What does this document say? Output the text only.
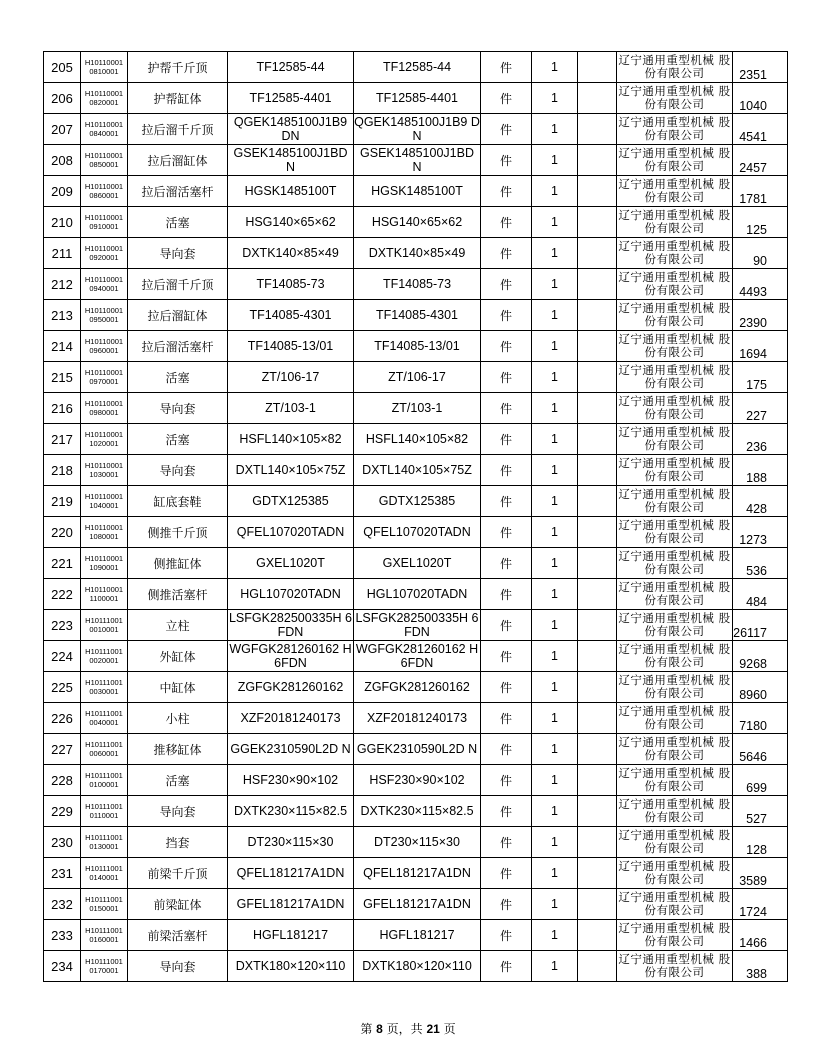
205	H10110001 0810001	护帮千斤顶	TF12585-44	TF12585-44	件	1		辽宁通用重型机械 股份有限公司	2351
206	H10110001 0820001	护帮缸体	TF12585-4401	TF12585-4401	件	1		辽宁通用重型机械 股份有限公司	1040
207	H10110001 0840001	拉后溜千斤顶	QGEK1485100J1B9 DN	QGEK1485100J1B9 DN	件	1		辽宁通用重型机械 股份有限公司	4541
208	H10110001 0850001	拉后溜缸体	GSEK1485100J1BD N	GSEK1485100J1BD N	件	1		辽宁通用重型机械 股份有限公司	2457
209	H10110001 0860001	拉后溜活塞杆	HGSK1485100T	HGSK1485100T	件	1		辽宁通用重型机械 股份有限公司	1781
210	H10110001 0910001	活塞	HSG140×65×62	HSG140×65×62	件	1		辽宁通用重型机械 股份有限公司	125
211	H10110001 0920001	导向套	DXTK140×85×49	DXTK140×85×49	件	1		辽宁通用重型机械 股份有限公司	90
212	H10110001 0940001	拉后溜千斤顶	TF14085-73	TF14085-73	件	1		辽宁通用重型机械 股份有限公司	4493
213	H10110001 0950001	拉后溜缸体	TF14085-4301	TF14085-4301	件	1		辽宁通用重型机械 股份有限公司	2390
214	H10110001 0960001	拉后溜活塞杆	TF14085-13/01	TF14085-13/01	件	1		辽宁通用重型机械 股份有限公司	1694
215	H10110001 0970001	活塞	ZT/106-17	ZT/106-17	件	1		辽宁通用重型机械 股份有限公司	175
216	H10110001 0980001	导向套	ZT/103-1	ZT/103-1	件	1		辽宁通用重型机械 股份有限公司	227
217	H10110001 1020001	活塞	HSFL140×105×82	HSFL140×105×82	件	1		辽宁通用重型机械 股份有限公司	236
218	H10110001 1030001	导向套	DXTL140×105×75Z	DXTL140×105×75Z	件	1		辽宁通用重型机械 股份有限公司	188
219	H10110001 1040001	缸底套鞋	GDTX125385	GDTX125385	件	1		辽宁通用重型机械 股份有限公司	428
220	H10110001 1080001	侧推千斤顶	QFEL107020TADN	QFEL107020TADN	件	1		辽宁通用重型机械 股份有限公司	1273
221	H10110001 1090001	侧推缸体	GXEL1020T	GXEL1020T	件	1		辽宁通用重型机械 股份有限公司	536
222	H10110001 1100001	侧推活塞杆	HGL107020TADN	HGL107020TADN	件	1		辽宁通用重型机械 股份有限公司	484
223	H10111001 0010001	立柱	LSFGK282500335H 6FDN	LSFGK282500335H 6FDN	件	1		辽宁通用重型机械 股份有限公司	26117
224	H10111001 0020001	外缸体	WGFGK281260162 H6FDN	WGFGK281260162 H6FDN	件	1		辽宁通用重型机械 股份有限公司	9268
225	H10111001 0030001	中缸体	ZGFGK281260162	ZGFGK281260162	件	1		辽宁通用重型机械 股份有限公司	8960
226	H10111001 0040001	小柱	XZF20181240173	XZF20181240173	件	1		辽宁通用重型机械 股份有限公司	7180
227	H10111001 0060001	推移缸体	GGEK2310590L2D N	GGEK2310590L2D N	件	1		辽宁通用重型机械 股份有限公司	5646
228	H10111001 0100001	活塞	HSF230×90×102	HSF230×90×102	件	1		辽宁通用重型机械 股份有限公司	699
229	H10111001 0110001	导向套	DXTK230×115×82.5	DXTK230×115×82.5	件	1		辽宁通用重型机械 股份有限公司	527
230	H10111001 0130001	挡套	DT230×115×30	DT230×115×30	件	1		辽宁通用重型机械 股份有限公司	128
231	H10111001 0140001	前梁千斤顶	QFEL181217A1DN	QFEL181217A1DN	件	1		辽宁通用重型机械 股份有限公司	3589
232	H10111001 0150001	前梁缸体	GFEL181217A1DN	GFEL181217A1DN	件	1		辽宁通用重型机械 股份有限公司	1724
233	H10111001 0160001	前梁活塞杆	HGFL181217	HGFL181217	件	1		辽宁通用重型机械 股份有限公司	1466
234	H10111001 0170001	导向套	DXTK180×120×110	DXTK180×120×110	件	1		辽宁通用重型机械 股份有限公司	388
第 8 页，共 21 页
